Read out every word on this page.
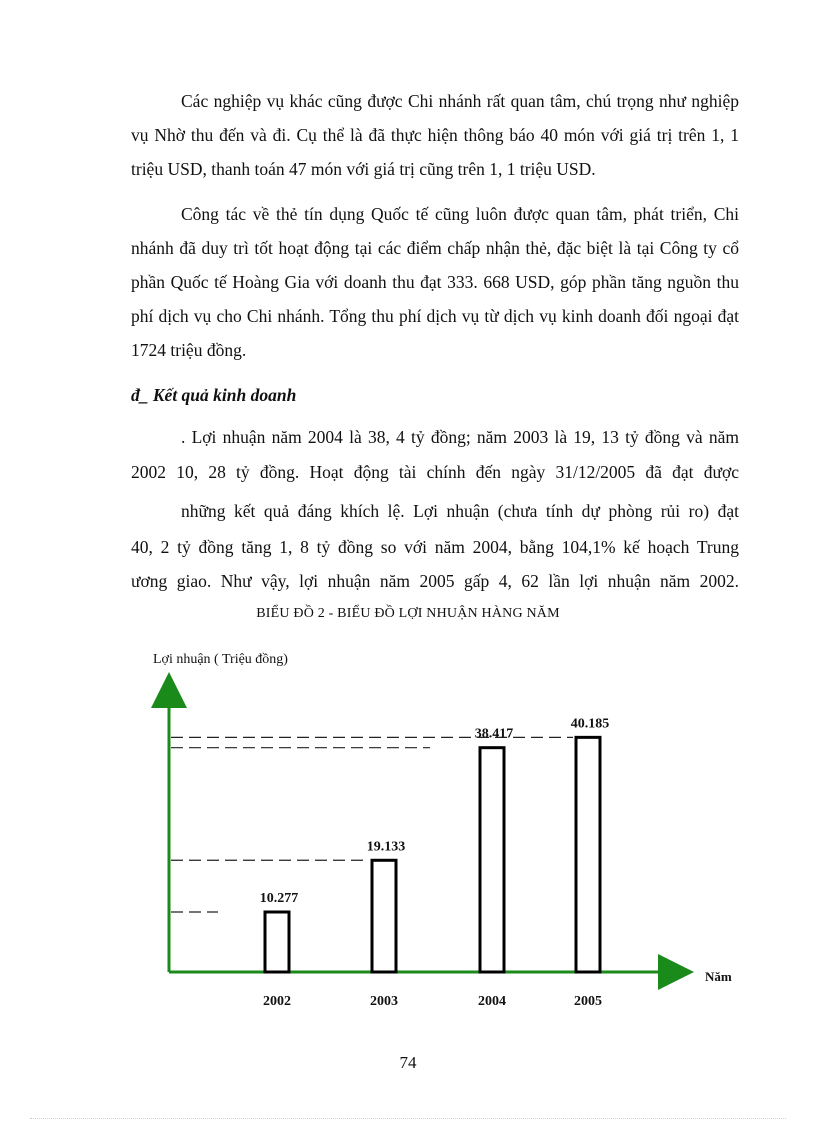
Các nghiệp vụ khác cũng được Chi nhánh rất quan tâm, chú trọng như nghiệp vụ Nhờ thu đến và đi. Cụ thể là đã thực hiện thông báo 40 món với giá trị trên 1, 1 triệu USD, thanh toán 47 món với giá trị cũng trên 1, 1 triệu USD.

Công tác về thẻ tín dụng Quốc tế cũng luôn được quan tâm, phát triển, Chi nhánh đã duy trì tốt hoạt động tại các điểm chấp nhận thẻ, đặc biệt là tại Công ty cổ phần Quốc tế Hoàng Gia với doanh thu đạt 333. 668 USD, góp phần tăng nguồn thu phí dịch vụ cho Chi nhánh. Tổng thu phí dịch vụ từ dịch vụ kinh doanh đối ngoại đạt 1724 triệu đồng.

đ_ Kết quả kinh doanh
. Lợi nhuận năm 2004 là 38, 4 tỷ đồng; năm 2003 là 19, 13 tỷ đồng và năm
2002 10, 28 tỷ đồng. Hoạt động tài chính đến ngày 31/12/2005 đã đạt được
những kết quả đáng khích lệ. Lợi nhuận (chưa tính dự phòng rủi ro) đạt
40, 2 tỷ đồng tăng 1, 8 tỷ đồng so với năm 2004, bằng 104,1% kế hoạch Trung
ương giao. Như vậy, lợi nhuận năm 2005 gấp 4, 62 lần lợi nhuận năm 2002.
BIỂU ĐỒ 2 - BIỂU ĐỒ LỢI NHUẬN HÀNG NĂM
Lợi nhuận ( Triệu đồng)
Năm
10.277
2002
19.133
2003
38.417
2004
40.185
2005
74
